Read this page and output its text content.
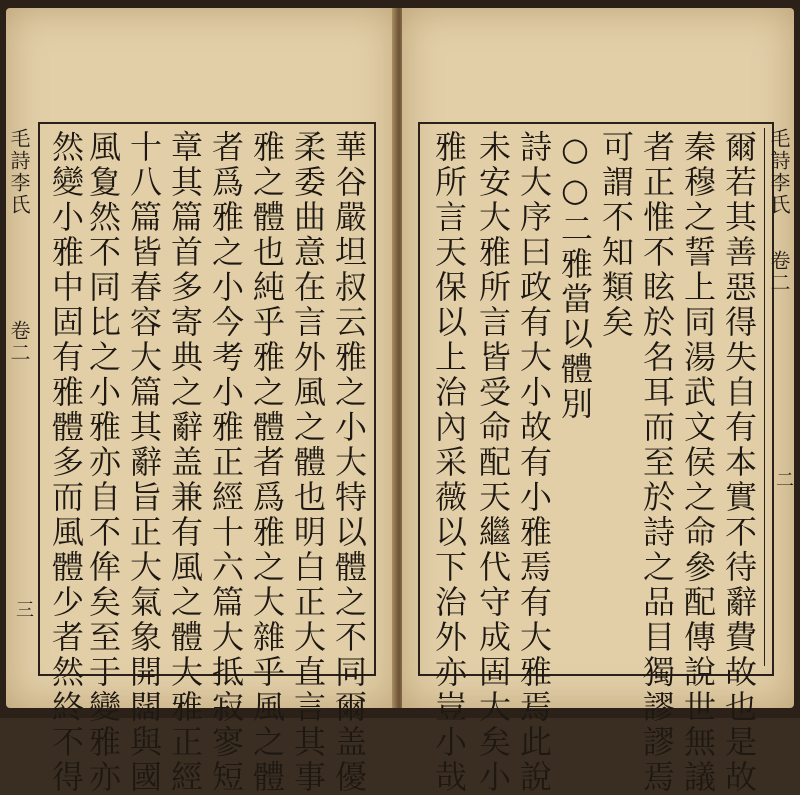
毛詩李氏
卷二
三	華谷嚴坦叔云雅之小大特以體之不同爾盖優
柔委曲意在言外風之體也明白正大直言其事
雅之體也純乎雅之體者爲雅之大雜乎風之體
者爲雅之小今考小雅正經十六篇大抵寂寥短
章其篇首多寄典之辭盖兼有風之體大雅正經
十八篇皆春容大篇其辭旨正大氣象開闊與國
風夐然不同比之小雅亦自不侔矣至于變雅亦
然變小雅中固有雅體多而風體少者然終不得	毛詩李氏
卷二
二
爾若其善惡得失自有本實不待辭費故也是故
秦穆之誓上同湯武文侯之命參配傳說世無議
者正惟不眩於名耳而至於詩之品目獨謬謬焉
可謂不知類矣
○○二雅當以體別
詩大序曰政有大小故有小雅焉有大雅焉此說
未安大雅所言皆受命配天繼代守成固大矣小
雅所言天保以上治內采薇以下治外亦豈小哉
